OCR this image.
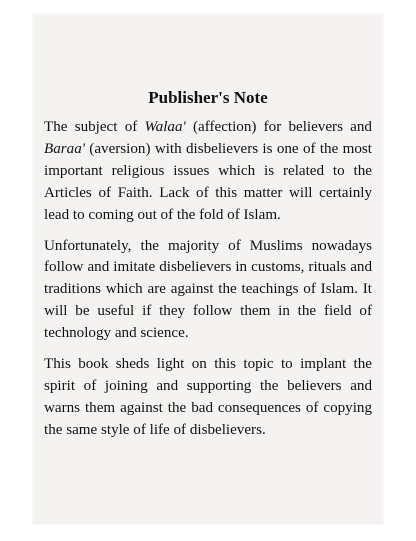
Publisher's Note

The subject of Walaa' (affection) for believers and Baraa' (aversion) with disbelievers is one of the most important religious issues which is related to the Articles of Faith. Lack of this matter will certainly lead to coming out of the fold of Islam.

Unfortunately, the majority of Muslims nowadays follow and imitate disbelievers in customs, rituals and traditions which are against the teachings of Islam. It will be useful if they follow them in the field of technology and science.

This book sheds light on this topic to implant the spirit of joining and supporting the believers and warns them against the bad consequences of copying the same style of life of disbelievers.
